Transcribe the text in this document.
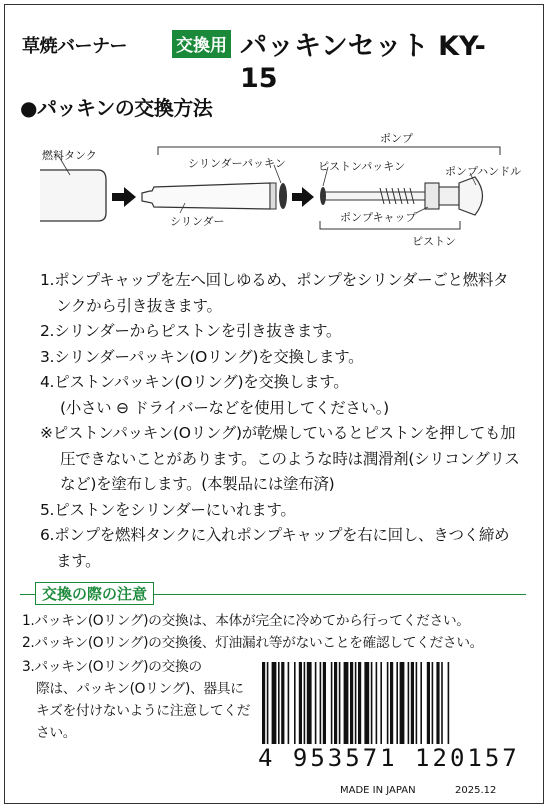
草焼バーナー	交換用 パッキンセット KY-15
●パッキンの交換方法
燃料タンク
ポンプ
シリンダーパッキン	ピストンパッキン	ポンプハンドル
ポンプキャップ
シリンダー
ピストン
1.ポンプキャップを左へ回しゆるめ、ポンプをシリンダーごと燃料タンクから引き抜きます。
2.シリンダーからピストンを引き抜きます。
3.シリンダーパッキン(Oリング)を交換します。
4.ピストンパッキン(Oリング)を交換します。
(小さい ⊖ ドライバーなどを使用してください。)
※ピストンパッキン(Oリング)が乾燥しているとピストンを押しても加圧できないことがあります。このような時は潤滑剤(シリコングリスなど)を塗布します。(本製品には塗布済)
5.ピストンをシリンダーにいれます。
6.ポンプを燃料タンクに入れポンプキャップを右に回し、きつく締めます。
交換の際の注意
1.パッキン(Oリング)の交換は、本体が完全に冷めてから行ってください。
2.パッキン(Oリング)の交換後、灯油漏れ等がないことを確認してください。
3.パッキン(Oリング)の交換の
際は、パッキン(Oリング)、器具にキズを付けないように注意してください。
4 953571 120157
MADE IN JAPAN	2025.12
